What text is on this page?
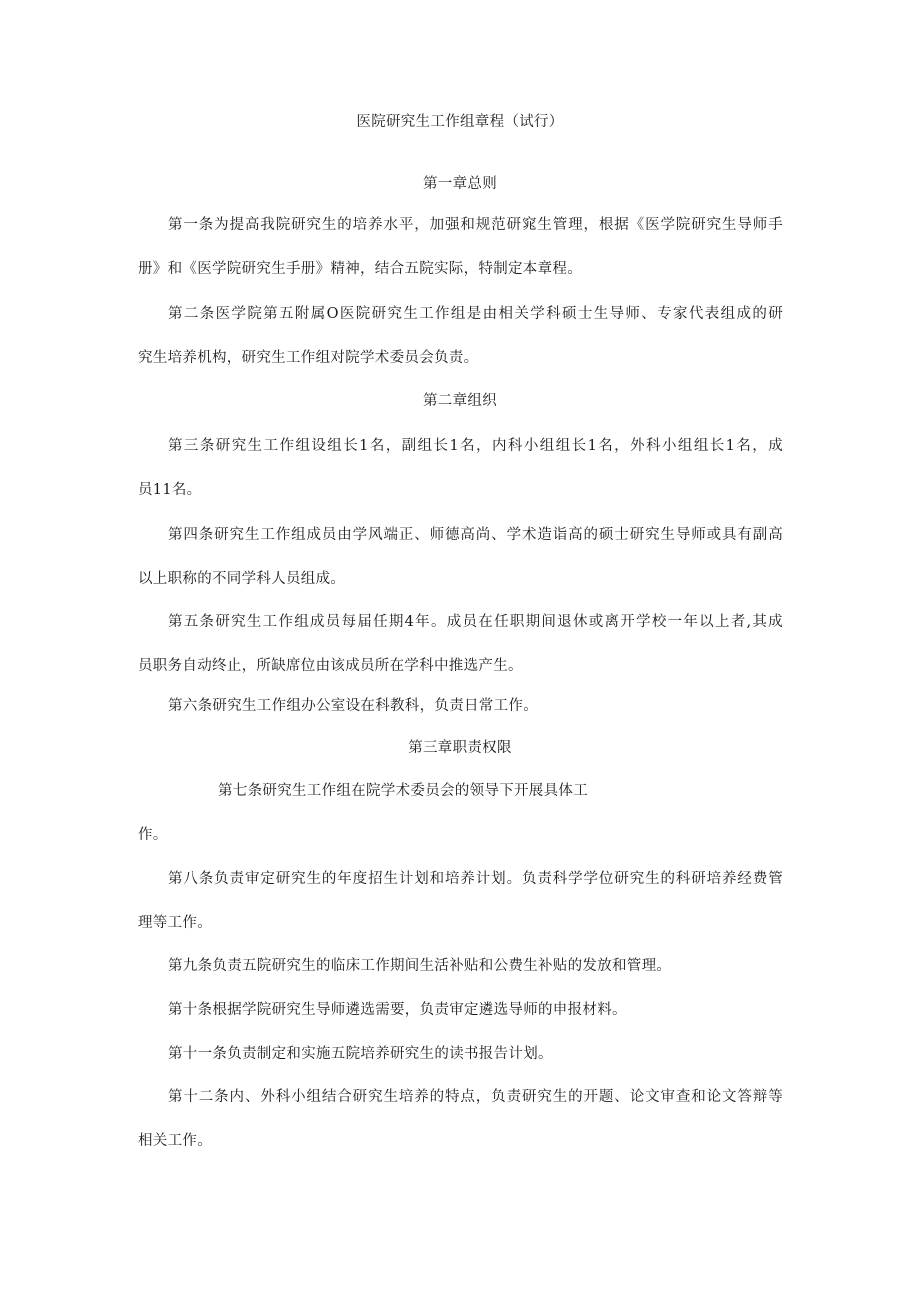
医院研究生工作组章程（试行）
第一章总则
第一条为提高我院研究生的培养水平，加强和规范研窕生管理，根据《医学院研究生导师手
册》和《医学院研究生手册》精神，结合五院实际，特制定本章程。
第二条医学院第五附属O医院研究生工作组是由相关学科硕士生导师、专家代表组成的研
究生培养机构，研究生工作组对院学术委员会负责。
第二章组织
第三条研究生工作组设组长1名，副组长1名，内科小组组长1名，外科小组组长1名，成
员11名。
第四条研究生工作组成员由学风端正、师德高尚、学术造诣高的硕士研究生导师或具有副高
以上职称的不同学科人员组成。
第五条研究生工作组成员每届任期4年。成员在任职期间退休或离开学校一年以上者,其成
员职务自动终止，所缺席位由该成员所在学科中推选产生。
第六条研究生工作组办公室设在科教科，负责日常工作。
第三章职责权限
第七条研究生工作组在院学术委员会的领导下开展具体工
作。
第八条负责审定研究生的年度招生计划和培养计划。负责科学学位研究生的科研培养经费管
理等工作。
第九条负责五院研究生的临床工作期间生活补贴和公费生补贴的发放和管理。
第十条根据学院研究生导师遴选需要，负责审定遴选导师的申报材料。
第十一条负责制定和实施五院培养研究生的读书报告计划。
第十二条内、外科小组结合研究生培养的特点，负责研究生的开题、论文审查和论文答辩等
相关工作。
